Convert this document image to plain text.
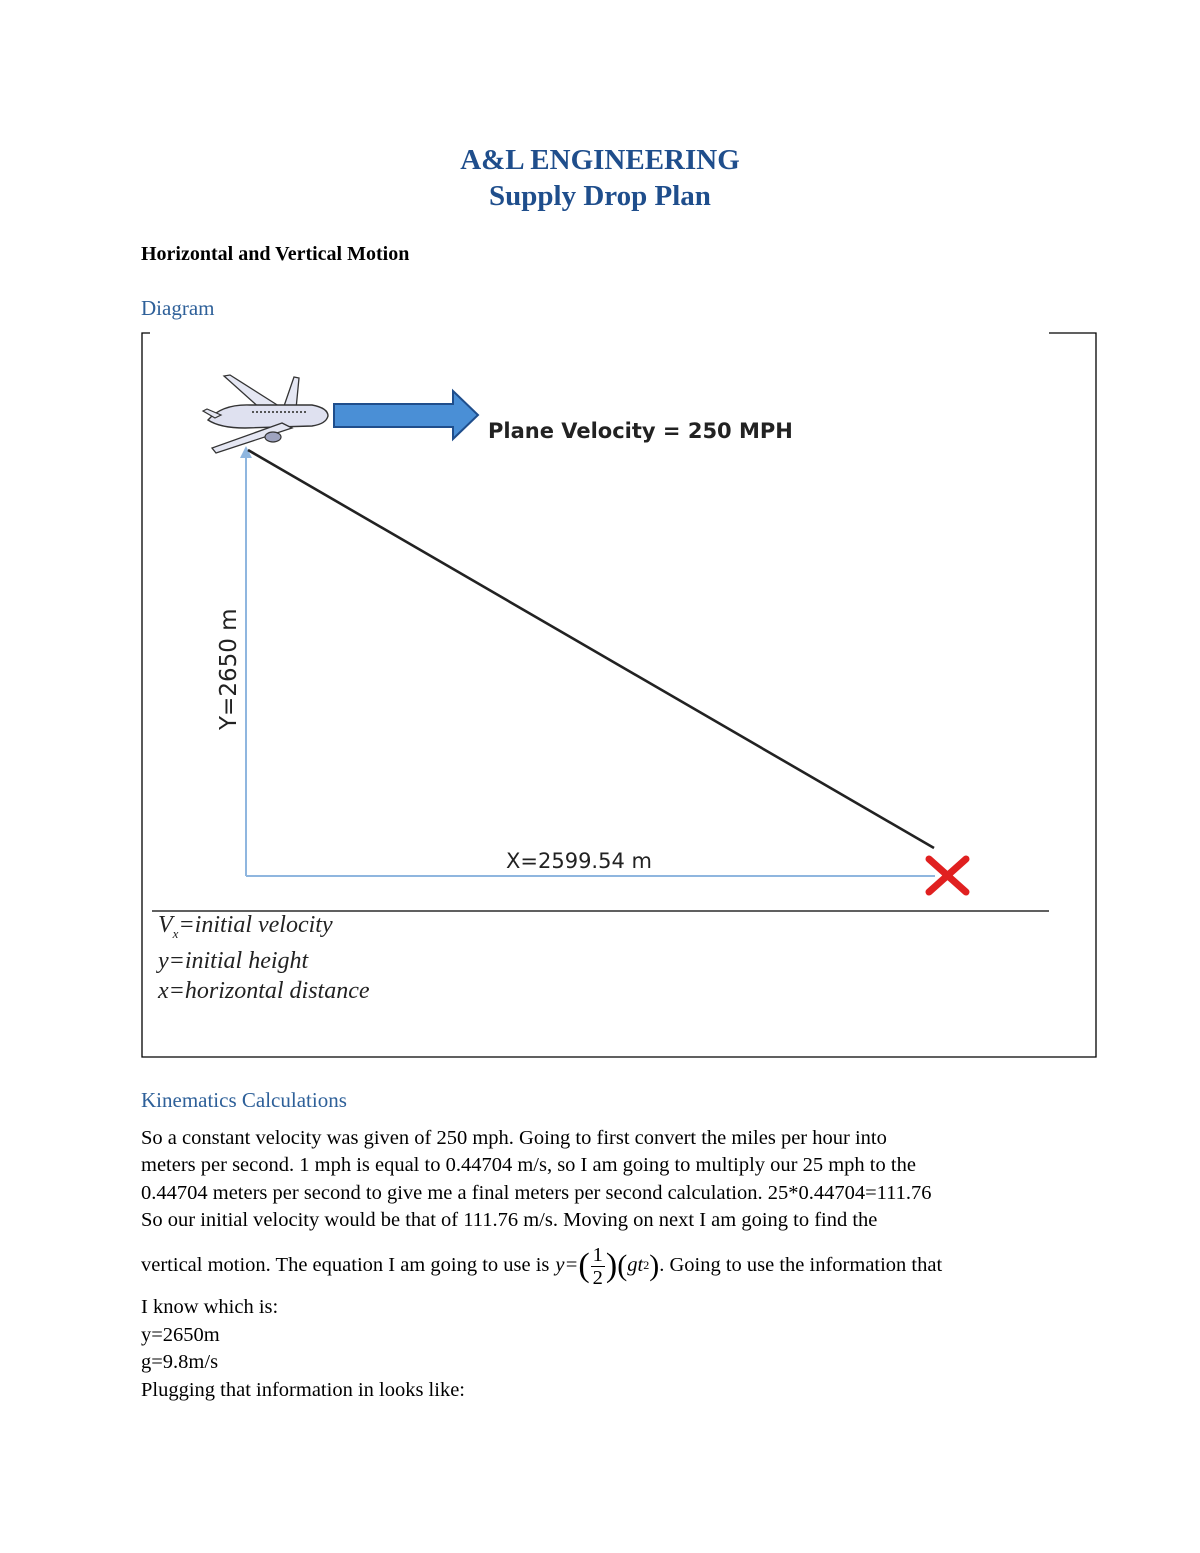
A&L ENGINEERING
Supply Drop Plan
Horizontal and Vertical Motion
Diagram
Plane Velocity = 250 MPH
X=2599.54 m
Y=2650 m
$V_x=initial$ velocity
y=initial height
x=horizontal distance
Kinematics Calculations
So a constant velocity was given of 250 mph. Going to first convert the miles per hour into
meters per second. 1 mph is equal to 0.44704 m/s, so I am going to multiply our 25 mph to the
0.44704 meters per second to give me a final meters per second calculation. 25*0.44704=111.76
So our initial velocity would be that of 111.76 m/s. Moving on next I am going to find the
vertical motion. The equation I am going to use is y= ( $\frac{1}{2}$ ) ( gt 2 ) . Going to use the information that
I know which is:
y=2650m
g=9.8m/s
Plugging that information in looks like:
